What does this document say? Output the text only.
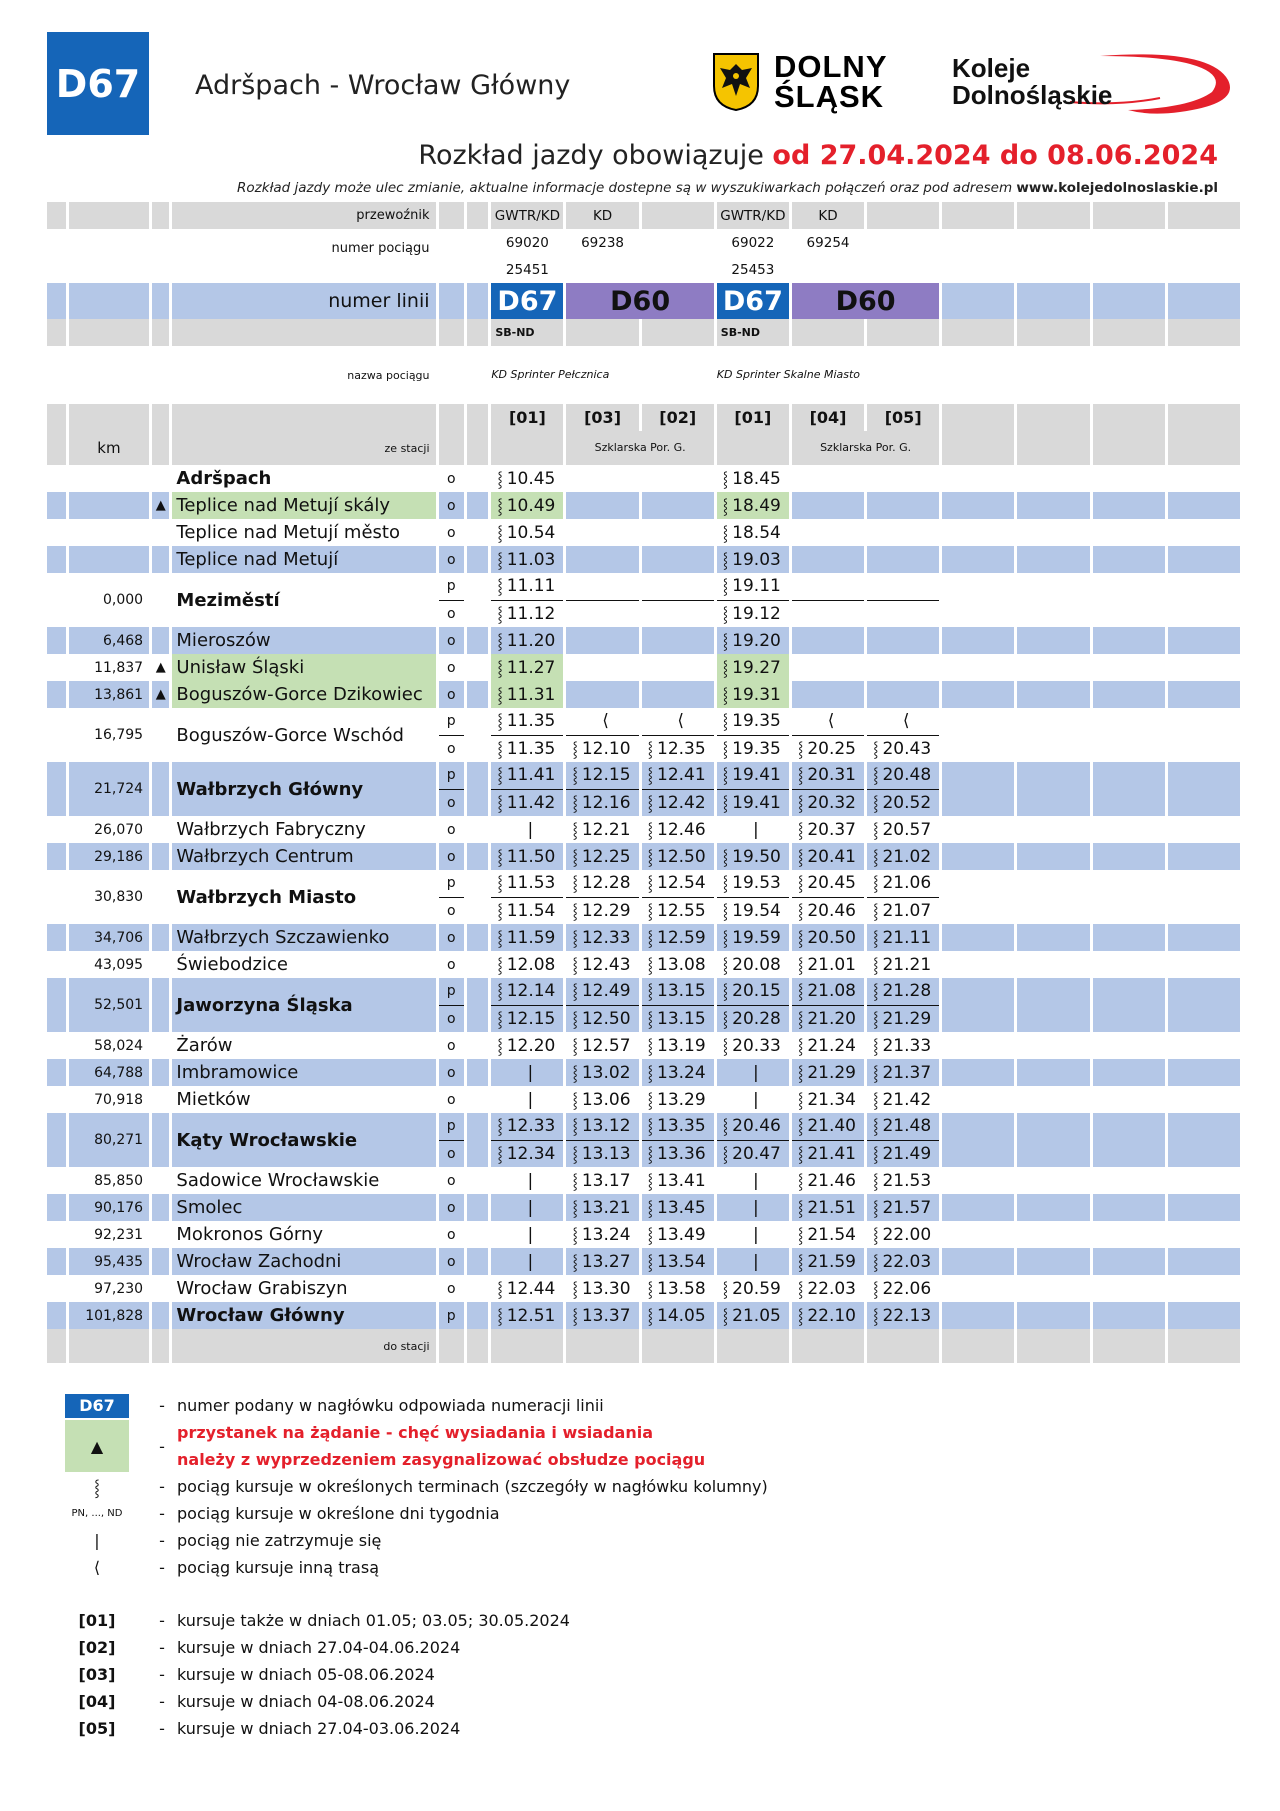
D67	Adršpach - Wrocław Główny
DOLNY
ŚLĄSK
Koleje
Dolnośląskie
Rozkład jazdy obowiązuje od 27.04.2024 do 08.06.2024
Rozkład jazdy może ulec zmianie, aktualne informacje dostepne są w wyszukiwarkach połączeń oraz pod adresem www.kolejedolnoslaskie.pl
			przewoźnik			GWTR/KD	KD		GWTR/KD	KD					
			numer pociągu			69020	69238		69022	69254					
						25451			25453						
			numer linii			D67	D60		D67	D60					
						SB-ND			SB-ND						
			nazwa pociągu			KD Sprinter Pełcznica			KD Sprinter Skalne Miasto						
						[01]	[03]	[02]	[01]	[04]	[05]				
	km		ze stacji				Szklarska Por. G.			Szklarska Por. G.					
			Adršpach	o		⸾ 10.45			⸾ 18.45						
		▲	Teplice nad Metují skály	o		⸾ 10.49			⸾ 18.49						
			Teplice nad Metují město	o		⸾ 10.54			⸾ 18.54						
			Teplice nad Metují	o		⸾ 11.03			⸾ 19.03						
	0,000		Meziměstí	p		⸾ 11.11			⸾ 19.11						
				o		⸾ 11.12			⸾ 19.12						
	6,468		Mieroszów	o		⸾ 11.20			⸾ 19.20						
	11,837	▲	Unisław Śląski	o		⸾ 11.27			⸾ 19.27						
	13,861	▲	Boguszów-Gorce Dzikowiec	o		⸾ 11.31			⸾ 19.31						
	16,795		Boguszów-Gorce Wschód	p		⸾ 11.35	⟨	⟨	⸾ 19.35	⟨	⟨				
				o		⸾ 11.35	⸾ 12.10	⸾ 12.35	⸾ 19.35	⸾ 20.25	⸾ 20.43				
	21,724		Wałbrzych Główny	p		⸾ 11.41	⸾ 12.15	⸾ 12.41	⸾ 19.41	⸾ 20.31	⸾ 20.48				
				o		⸾ 11.42	⸾ 12.16	⸾ 12.42	⸾ 19.41	⸾ 20.32	⸾ 20.52				
	26,070		Wałbrzych Fabryczny	o		|	⸾ 12.21	⸾ 12.46	|	⸾ 20.37	⸾ 20.57				
	29,186		Wałbrzych Centrum	o		⸾ 11.50	⸾ 12.25	⸾ 12.50	⸾ 19.50	⸾ 20.41	⸾ 21.02				
	30,830		Wałbrzych Miasto	p		⸾ 11.53	⸾ 12.28	⸾ 12.54	⸾ 19.53	⸾ 20.45	⸾ 21.06				
				o		⸾ 11.54	⸾ 12.29	⸾ 12.55	⸾ 19.54	⸾ 20.46	⸾ 21.07				
	34,706		Wałbrzych Szczawienko	o		⸾ 11.59	⸾ 12.33	⸾ 12.59	⸾ 19.59	⸾ 20.50	⸾ 21.11				
	43,095		Świebodzice	o		⸾ 12.08	⸾ 12.43	⸾ 13.08	⸾ 20.08	⸾ 21.01	⸾ 21.21				
	52,501		Jaworzyna Śląska	p		⸾ 12.14	⸾ 12.49	⸾ 13.15	⸾ 20.15	⸾ 21.08	⸾ 21.28				
				o		⸾ 12.15	⸾ 12.50	⸾ 13.15	⸾ 20.28	⸾ 21.20	⸾ 21.29				
	58,024		Żarów	o		⸾ 12.20	⸾ 12.57	⸾ 13.19	⸾ 20.33	⸾ 21.24	⸾ 21.33				
	64,788		Imbramowice	o		|	⸾ 13.02	⸾ 13.24	|	⸾ 21.29	⸾ 21.37				
	70,918		Mietków	o		|	⸾ 13.06	⸾ 13.29	|	⸾ 21.34	⸾ 21.42				
	80,271		Kąty Wrocławskie	p		⸾ 12.33	⸾ 13.12	⸾ 13.35	⸾ 20.46	⸾ 21.40	⸾ 21.48				
				o		⸾ 12.34	⸾ 13.13	⸾ 13.36	⸾ 20.47	⸾ 21.41	⸾ 21.49				
	85,850		Sadowice Wrocławskie	o		|	⸾ 13.17	⸾ 13.41	|	⸾ 21.46	⸾ 21.53				
	90,176		Smolec	o		|	⸾ 13.21	⸾ 13.45	|	⸾ 21.51	⸾ 21.57				
	92,231		Mokronos Górny	o		|	⸾ 13.24	⸾ 13.49	|	⸾ 21.54	⸾ 22.00				
	95,435		Wrocław Zachodni	o		|	⸾ 13.27	⸾ 13.54	|	⸾ 21.59	⸾ 22.03				
	97,230		Wrocław Grabiszyn	o		⸾ 12.44	⸾ 13.30	⸾ 13.58	⸾ 20.59	⸾ 22.03	⸾ 22.06				
	101,828		Wrocław Główny	p		⸾ 12.51	⸾ 13.37	⸾ 14.05	⸾ 21.05	⸾ 22.10	⸾ 22.13				
			do stacji												
D67	- numer podany w nagłówku odpowiada numeracji linii
▲	-
przystanek na żądanie - chęć wysiadania i wsiadania
należy z wyprzedzeniem zasygnalizować obsłudze pociągu
⸾	- pociąg kursuje w określonych terminach (szczegóły w nagłówku kolumny)
PN, ..., ND	- pociąg kursuje w określone dni tygodnia
|	- pociąg nie zatrzymuje się
⟨	- pociąg kursuje inną trasą
[01]	- kursuje także w dniach 01.05; 03.05; 30.05.2024
[02]	- kursuje w dniach 27.04-04.06.2024
[03]	- kursuje w dniach 05-08.06.2024
[04]	- kursuje w dniach 04-08.06.2024
[05]	- kursuje w dniach 27.04-03.06.2024
